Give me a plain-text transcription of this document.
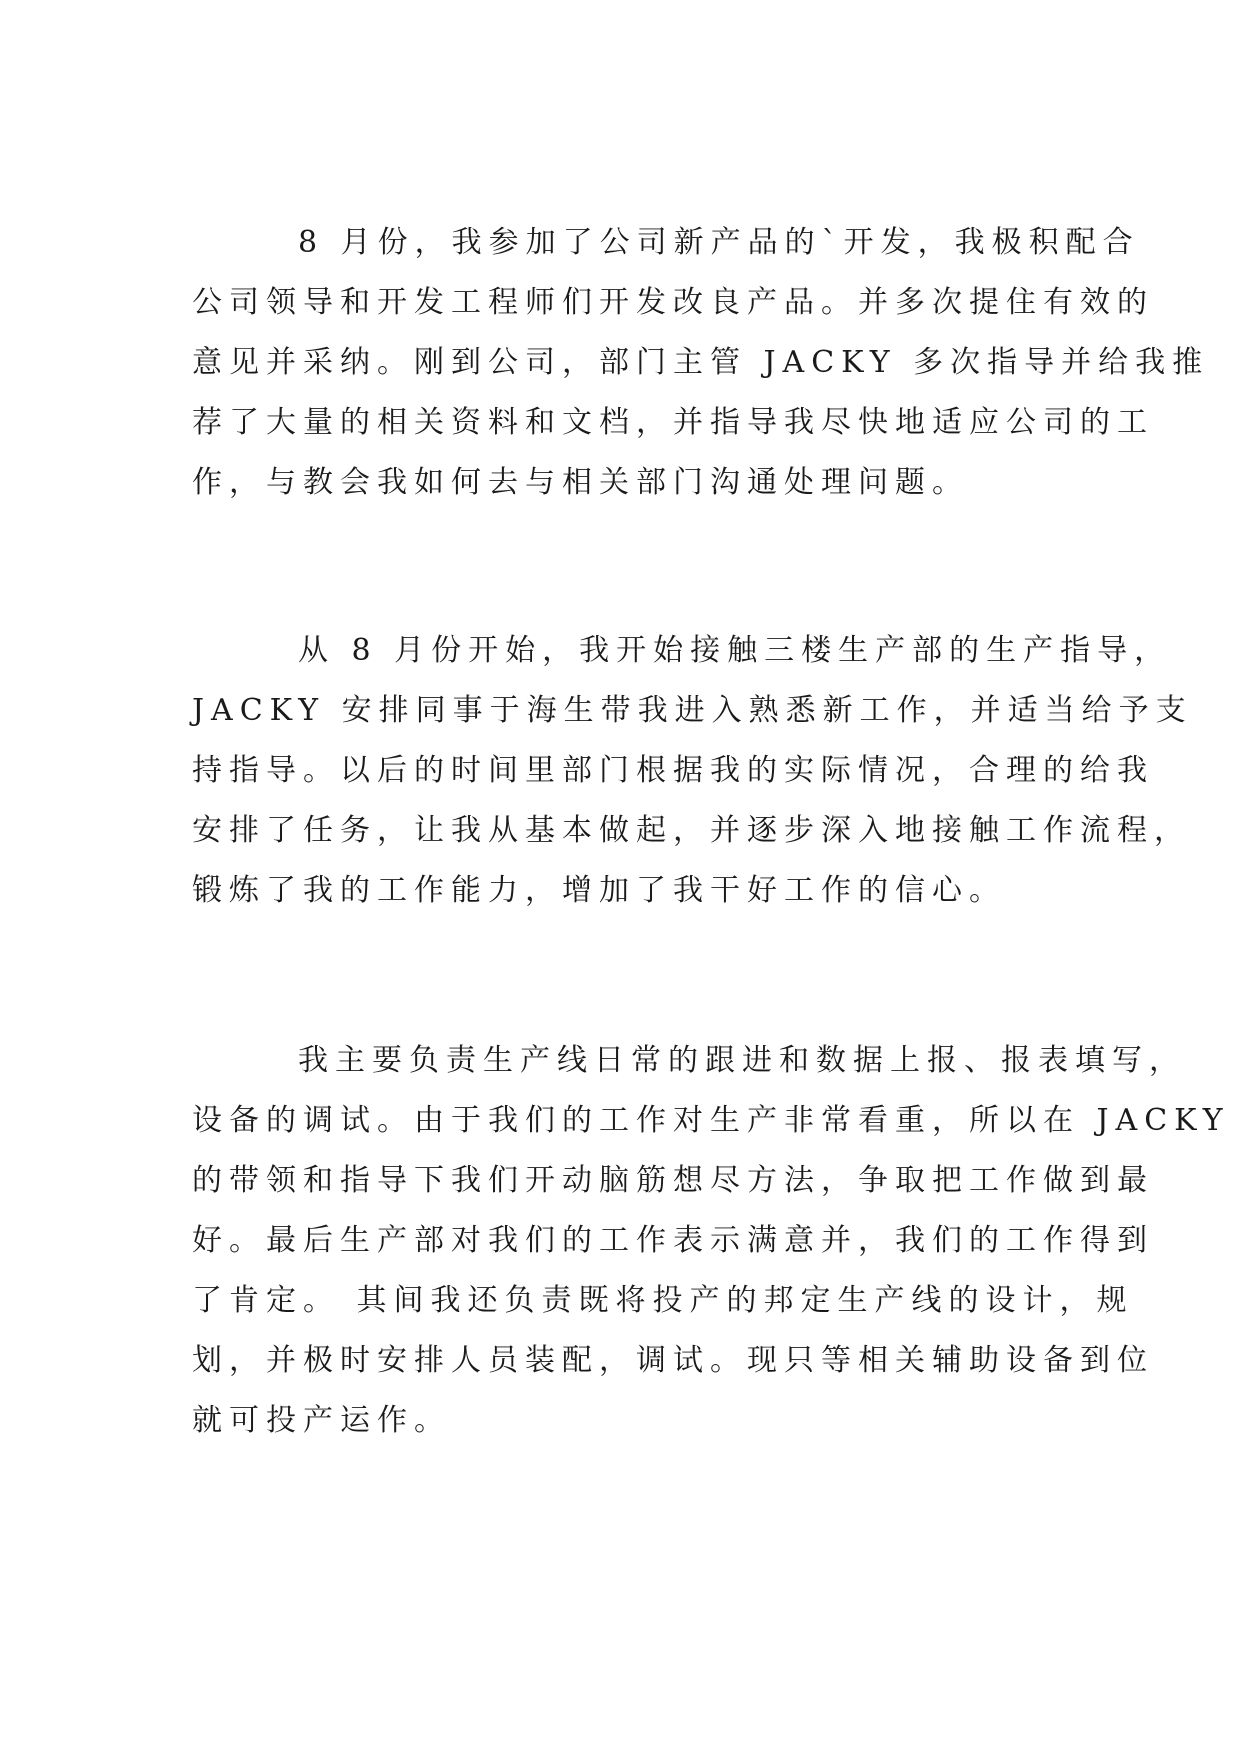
8 月份，我参加了公司新产品的`开发，我极积配合
公司领导和开发工程师们开发改良产品。并多次提住有效的
意见并采纳。刚到公司，部门主管 JACKY 多次指导并给我推
荐了大量的相关资料和文档，并指导我尽快地适应公司的工
作，与教会我如何去与相关部门沟通处理问题。
从 8 月份开始，我开始接触三楼生产部的生产指导，
JACKY 安排同事于海生带我进入熟悉新工作，并适当给予支
持指导。以后的时间里部门根据我的实际情况，合理的给我
安排了任务，让我从基本做起，并逐步深入地接触工作流程，
锻炼了我的工作能力，增加了我干好工作的信心。
我主要负责生产线日常的跟进和数据上报、报表填写，
设备的调试。由于我们的工作对生产非常看重，所以在 JACKY
的带领和指导下我们开动脑筋想尽方法，争取把工作做到最
好。最后生产部对我们的工作表示满意并，我们的工作得到
了肯定。 其间我还负责既将投产的邦定生产线的设计，规
划，并极时安排人员装配，调试。现只等相关辅助设备到位
就可投产运作。
